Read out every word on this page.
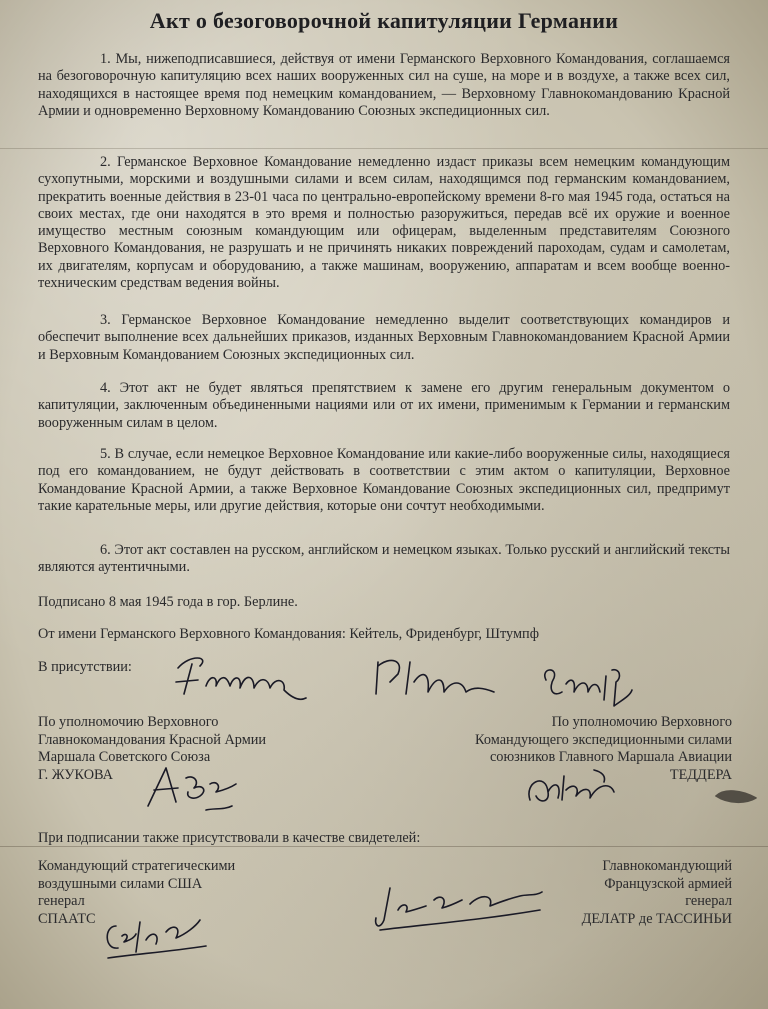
Акт о безоговорочной капитуляции Германии
1. Мы, нижеподписавшиеся, действуя от имени Германского Верховного Командования, соглашаемся на безоговорочную капитуляцию всех наших вооруженных сил на суше, на море и в воздухе, а также всех сил, находящихся в настоящее время под немецким командованием, — Верховному Главнокомандованию Красной Армии и одновременно Верховному Командованию Союзных экспедиционных сил.
2. Германское Верховное Командование немедленно издаст приказы всем немецким командующим сухопутными, морскими и воздушными силами и всем силам, находящимся под германским командованием, прекратить военные действия в 23-01 часа по центрально-европейскому времени 8-го мая 1945 года, остаться на своих местах, где они находятся в это время и полностью разоружиться, передав всё их оружие и военное имущество местным союзным командующим или офицерам, выделенным представителям Союзного Верховного Командования, не разрушать и не причинять никаких повреждений пароходам, судам и самолетам, их двигателям, корпусам и оборудованию, а также машинам, вооружению, аппаратам и всем вообще военно-техническим средствам ведения войны.
3. Германское Верховное Командование немедленно выделит соответствующих командиров и обеспечит выполнение всех дальнейших приказов, изданных Верховным Главнокомандованием Красной Армии и Верховным Командованием Союзных экспедиционных сил.
4. Этот акт не будет являться препятствием к замене его другим генеральным документом о капитуляции, заключенным объединенными нациями или от их имени, применимым к Германии и германским вооруженным силам в целом.
5. В случае, если немецкое Верховное Командование или какие-либо вооруженные силы, находящиеся под его командованием, не будут действовать в соответствии с этим актом о капитуляции, Верховное Командование Красной Армии, а также Верховное Командование Союзных экспедиционных сил, предпримут такие карательные меры, или другие действия, которые они сочтут необходимыми.
6. Этот акт составлен на русском, английском и немецком языках. Только русский и английский тексты являются аутентичными.
Подписано 8 мая 1945 года в гор. Берлине.
От имени Германского Верховного Командования: Кейтель, Фриденбург, Штумпф
В присутствии:
По уполномочию Верховного
Главнокомандования Красной Армии
Маршала Советского Союза
Г. ЖУКОВА
По уполномочию Верховного
Командующего экспедиционными силами
союзников Главного Маршала Авиации
ТЕДДЕРА
При подписании также присутствовали в качестве свидетелей:
Командующий стратегическими
воздушными силами США
генерал
СПААТС
Главнокомандующий
Французской армией
генерал
ДЕЛАТР де ТАССИНЬИ
